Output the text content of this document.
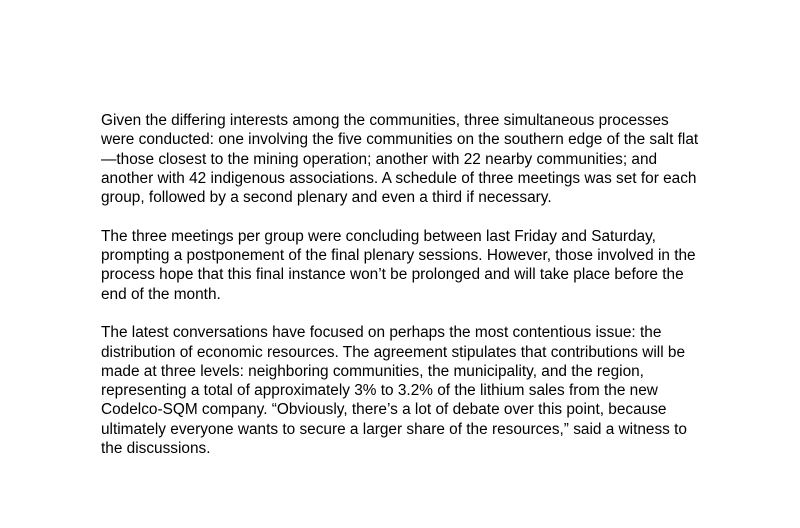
Given the differing interests among the communities, three simultaneous processes
were conducted: one involving the five communities on the southern edge of the salt flat
—those closest to the mining operation; another with 22 nearby communities; and
another with 42 indigenous associations. A schedule of three meetings was set for each
group, followed by a second plenary and even a third if necessary.

The three meetings per group were concluding between last Friday and Saturday,
prompting a postponement of the final plenary sessions. However, those involved in the
process hope that this final instance won’t be prolonged and will take place before the
end of the month.

The latest conversations have focused on perhaps the most contentious issue: the
distribution of economic resources. The agreement stipulates that contributions will be
made at three levels: neighboring communities, the municipality, and the region,
representing a total of approximately 3% to 3.2% of the lithium sales from the new
Codelco-SQM company. “Obviously, there’s a lot of debate over this point, because
ultimately everyone wants to secure a larger share of the resources,” said a witness to
the discussions.
